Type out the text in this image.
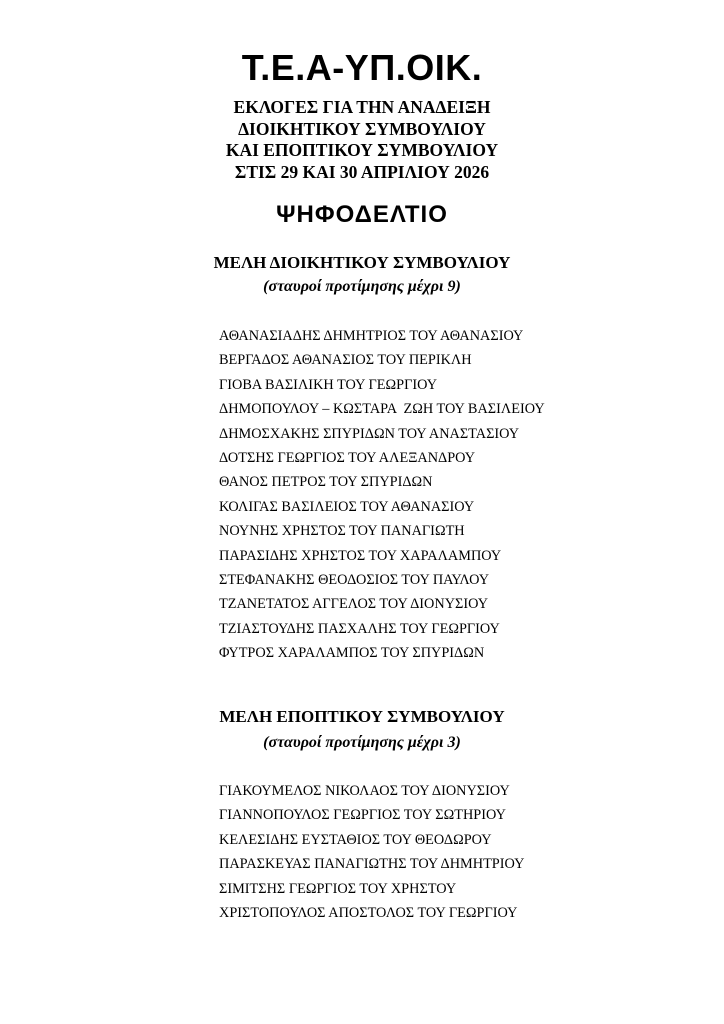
Τ.Ε.Α-ΥΠ.ΟΙΚ.
ΕΚΛΟΓΕΣ ΓΙΑ ΤΗΝ ΑΝΑΔΕΙΞΗ
ΔΙΟΙΚΗΤΙΚΟΥ ΣΥΜΒΟΥΛΙΟΥ
ΚΑΙ ΕΠΟΠΤΙΚΟΥ ΣΥΜΒΟΥΛΙΟΥ
ΣΤΙΣ 29 ΚΑΙ 30 ΑΠΡΙΛΙΟΥ 2026
ΨΗΦΟΔΕΛΤΙΟ
ΜΕΛΗ ΔΙΟΙΚΗΤΙΚΟΥ ΣΥΜΒΟΥΛΙΟΥ
(σταυροί προτίμησης μέχρι 9)
ΑΘΑΝΑΣΙΑΔΗΣ ΔΗΜΗΤΡΙΟΣ ΤΟΥ ΑΘΑΝΑΣΙΟΥ
ΒΕΡΓΑΔΟΣ ΑΘΑΝΑΣΙΟΣ ΤΟΥ ΠΕΡΙΚΛΗ
ΓΙΟΒΑ ΒΑΣΙΛΙΚΗ ΤΟΥ ΓΕΩΡΓΙΟΥ
ΔΗΜΟΠΟΥΛΟΥ – ΚΩΣΤΑΡΑ  ΖΩΗ ΤΟΥ ΒΑΣΙΛΕΙΟΥ
ΔΗΜΟΣΧΑΚΗΣ ΣΠΥΡΙΔΩΝ ΤΟΥ ΑΝΑΣΤΑΣΙΟΥ
ΔΟΤΣΗΣ ΓΕΩΡΓΙΟΣ ΤΟΥ ΑΛΕΞΑΝΔΡΟΥ
ΘΑΝΟΣ ΠΕΤΡΟΣ ΤΟΥ ΣΠΥΡΙΔΩΝ
ΚΟΛΙΓΑΣ ΒΑΣΙΛΕΙΟΣ ΤΟΥ ΑΘΑΝΑΣΙΟΥ
ΝΟΥΝΗΣ ΧΡΗΣΤΟΣ ΤΟΥ ΠΑΝΑΓΙΩΤΗ
ΠΑΡΑΣΙΔΗΣ ΧΡΗΣΤΟΣ ΤΟΥ ΧΑΡΑΛΑΜΠΟΥ
ΣΤΕΦΑΝΑΚΗΣ ΘΕΟΔΟΣΙΟΣ ΤΟΥ ΠΑΥΛΟΥ
ΤΖΑΝΕΤΑΤΟΣ ΑΓΓΕΛΟΣ ΤΟΥ ΔΙΟΝΥΣΙΟΥ
ΤΖΙΑΣΤΟΥΔΗΣ ΠΑΣΧΑΛΗΣ ΤΟΥ ΓΕΩΡΓΙΟΥ
ΦΥΤΡΟΣ ΧΑΡΑΛΑΜΠΟΣ ΤΟΥ ΣΠΥΡΙΔΩΝ
ΜΕΛΗ ΕΠΟΠΤΙΚΟΥ ΣΥΜΒΟΥΛΙΟΥ
(σταυροί προτίμησης μέχρι 3)
ΓΙΑΚΟΥΜΕΛΟΣ ΝΙΚΟΛΑΟΣ ΤΟΥ ΔΙΟΝΥΣΙΟΥ
ΓΙΑΝΝΟΠΟΥΛΟΣ ΓΕΩΡΓΙΟΣ ΤΟΥ ΣΩΤΗΡΙΟΥ
ΚΕΛΕΣΙΔΗΣ ΕΥΣΤΑΘΙΟΣ ΤΟΥ ΘΕΟΔΩΡΟΥ
ΠΑΡΑΣΚΕΥΑΣ ΠΑΝΑΓΙΩΤΗΣ ΤΟΥ ΔΗΜΗΤΡΙΟΥ
ΣΙΜΙΤΣΗΣ ΓΕΩΡΓΙΟΣ ΤΟΥ ΧΡΗΣΤΟΥ
ΧΡΙΣΤΟΠΟΥΛΟΣ ΑΠΟΣΤΟΛΟΣ ΤΟΥ ΓΕΩΡΓΙΟΥ
